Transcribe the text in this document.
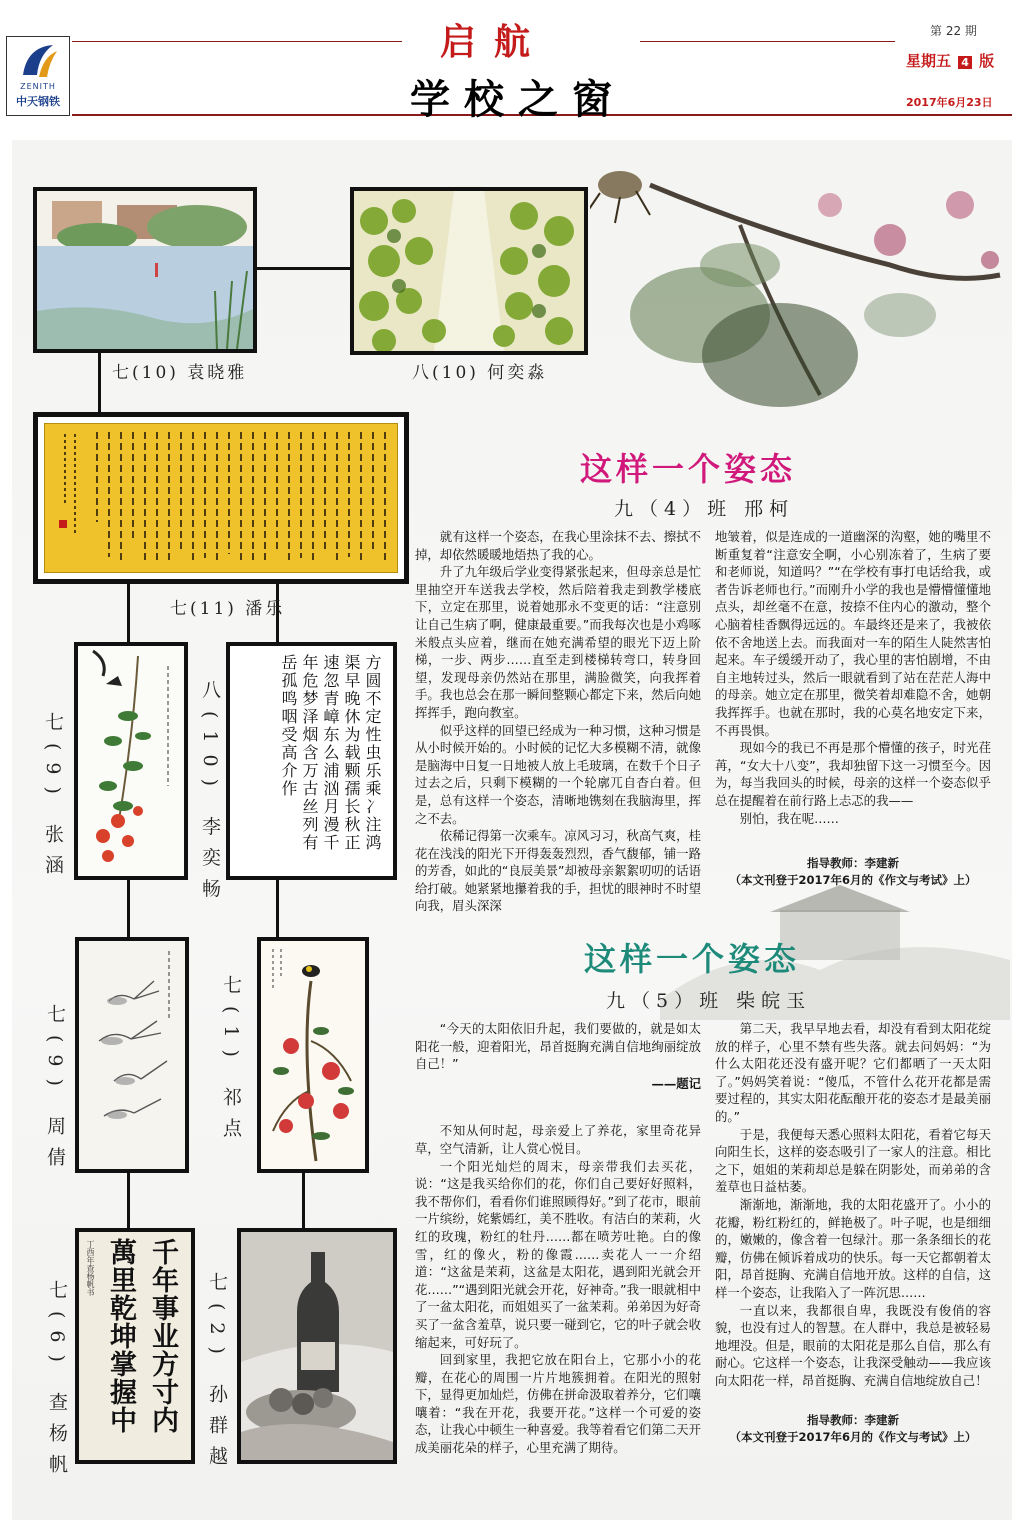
ZENITH
中天钢铁
启航
学校之窗
第 22 期
星期五 4 版
2017年6月23日
七(10) 袁晓雅	八(10) 何奕淼
七(11) 潘乐
七(9) 张涵	方圆不定性虫乐乘冫注鸿渠早晚休为载颗孺长秋正速忽青嶂东么浦汹月漫千年危梦泽烟含万古丝列有岳孤鸣咽受高介作
八(10) 李奕畅
七(9) 周倩	七(1) 祁点
千年事业方寸内
萬里乾坤掌握中
丁酉年查杨帆书
七(6) 查杨帆	七(2) 孙群越
这样一个姿态
九（4）班 邢柯

就有这样一个姿态，在我心里涂抹不去、擦拭不掉，却依然暖暖地焐热了我的心。

升了九年级后学业变得紧张起来，但母亲总是忙里抽空开车送我去学校，然后陪着我走到教学楼底下，立定在那里，说着她那永不变更的话：“注意别让自己生病了啊，健康最重要。”而我每次也是小鸡啄米般点头应着，继而在她充满希望的眼光下迈上阶梯，一步、两步……直至走到楼梯转弯口，转身回望，发现母亲仍然站在那里，满脸微笑，向我挥着手。我也总会在那一瞬间整颗心都定下来，然后向她挥挥手，跑向教室。

似乎这样的回望已经成为一种习惯，这种习惯是从小时候开始的。小时候的记忆大多模糊不清，就像是脑海中日复一日地被人放上毛玻璃，在数千个日子过去之后，只剩下模糊的一个轮廓兀自杳白着。但是，总有这样一个姿态，清晰地镌刻在我脑海里，挥之不去。

依稀记得第一次乘车。凉风习习，秋高气爽，桂花在浅浅的阳光下开得轰轰烈烈，香气馥郁，铺一路的芳香，如此的“良辰美景”却被母亲絮絮叨叨的话语给打破。她紧紧地攥着我的手，担忧的眼神时不时望向我，眉头深深

地皱着，似是连成的一道幽深的沟壑，她的嘴里不断重复着“注意安全啊，小心别冻着了，生病了要和老师说，知道吗？”“在学校有事打电话给我，或者告诉老师也行。”而刚升小学的我也是懵懵懂懂地点头，却丝毫不在意，按捺不住内心的激动，整个心脑着桂香飘得远远的。车最终还是来了，我被依依不舍地送上去。而我面对一车的陌生人陡然害怕起来。车子缓缓开动了，我心里的害怕剧增，不由自主地转过头，然后一眼就看到了站在茫茫人海中的母亲。她立定在那里，微笑着却难隐不舍，她朝我挥挥手。也就在那时，我的心莫名地安定下来，不再畏惧。

现如今的我已不再是那个懵懂的孩子，时光荏苒，“女大十八变”，我却独留下这一习惯至今。因为，每当我回头的时候，母亲的这样一个姿态似乎总在提醒着在前行路上忐忑的我——

别怕，我在呢……

指导教师：李建新
（本文刊登于2017年6月的《作文与考试》上）
这样一个姿态
九（5）班 柴皖玉

“今天的太阳依旧升起，我们要做的，就是如太阳花一般，迎着阳光，昂首挺胸充满自信地绚丽绽放自己！”

——题记

不知从何时起，母亲爱上了养花，家里奇花异草，空气清新，让人赏心悦目。

一个阳光灿烂的周末，母亲带我们去买花，说：“这是我买给你们的花，你们自己要好好照料，我不帮你们，看看你们谁照顾得好。”到了花市，眼前一片缤纷，姹紫嫣红，美不胜收。有洁白的茉莉，火红的玫瑰，粉红的牡丹……都在喷芳吐艳。白的像雪，红的像火，粉的像霞……卖花人一一介绍道：“这盆是茉莉，这盆是太阳花，遇到阳光就会开花……”“遇到阳光就会开花，好神奇。”我一眼就相中了一盆太阳花，而姐姐买了一盆茉莉。弟弟因为好奇买了一盆含羞草，说只要一碰到它，它的叶子就会收缩起来，可好玩了。

回到家里，我把它放在阳台上，它那小小的花瓣，在花心的周围一片片地簇拥着。在阳光的照射下，显得更加灿烂，仿佛在拼命汲取着养分，它们嚷嚷着：“我在开花，我要开花。”这样一个可爱的姿态，让我心中顿生一种喜爱。我等着看它们第二天开成美丽花朵的样子，心里充满了期待。

第二天，我早早地去看，却没有看到太阳花绽放的样子，心里不禁有些失落。就去问妈妈：“为什么太阳花还没有盛开呢？它们都晒了一天太阳了。”妈妈笑着说：“傻瓜，不管什么花开花都是需要过程的，其实太阳花酝酿开花的姿态才是最美丽的。”

于是，我便每天悉心照料太阳花，看着它每天向阳生长，这样的姿态吸引了一家人的注意。相比之下，姐姐的茉莉却总是躲在阴影处，而弟弟的含羞草也日益枯萎。

渐渐地，渐渐地，我的太阳花盛开了。小小的花瓣，粉红粉红的，鲜艳极了。叶子呢，也是细细的，嫩嫩的，像含着一包绿汁。那一条条细长的花瓣，仿佛在倾诉着成功的快乐。每一天它都朝着太阳，昂首挺胸、充满自信地开放。这样的自信，这样一个姿态，让我陷入了一阵沉思……

一直以来，我都很自卑，我既没有俊俏的容貌，也没有过人的智慧。在人群中，我总是被轻易地埋没。但是，眼前的太阳花是那么自信，那么有耐心。它这样一个姿态，让我深受触动——我应该向太阳花一样，昂首挺胸、充满自信地绽放自己！

指导教师：李建新
（本文刊登于2017年6月的《作文与考试》上）
